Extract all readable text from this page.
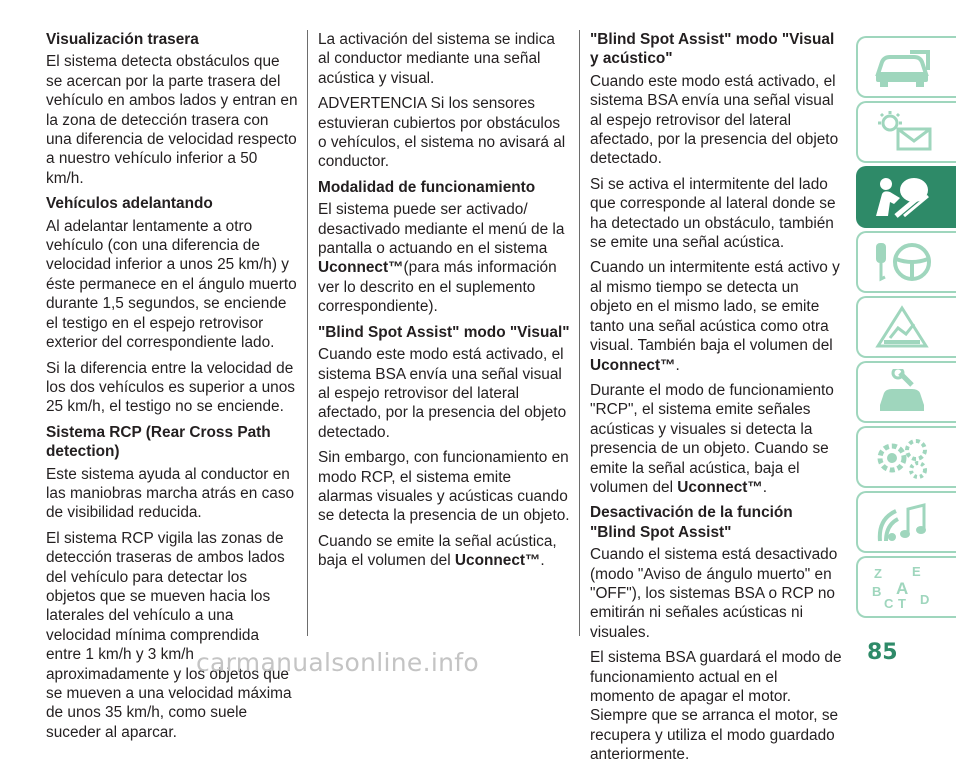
Visualización trasera

El sistema detecta obstáculos que se acercan por la parte trasera del vehículo en ambos lados y entran en la zona de detección trasera con una diferencia de velocidad respecto a nuestro vehículo inferior a 50 km/h.

Vehículos adelantando

Al adelantar lentamente a otro vehículo (con una diferencia de velocidad inferior a unos 25 km/h) y éste permanece en el ángulo muerto durante 1,5 segundos, se enciende el testigo en el espejo retrovisor exterior del correspondiente lado.

Si la diferencia entre la velocidad de los dos vehículos es superior a unos 25 km/h, el testigo no se enciende.

Sistema RCP (Rear Cross Path detection)

Este sistema ayuda al conductor en las maniobras marcha atrás en caso de visibilidad reducida.

El sistema RCP vigila las zonas de detección traseras de ambos lados del vehículo para detectar los objetos que se mueven hacia los laterales del vehículo a una velocidad mínima comprendida entre 1 km/h y 3 km/h aproximadamente y los objetos que se mueven a una velocidad máxima de unos 35 km/h, como suele suceder al aparcar.

La activación del sistema se indica al conductor mediante una señal acústica y visual.

ADVERTENCIA Si los sensores estuvieran cubiertos por obstáculos o vehículos, el sistema no avisará al conductor.

Modalidad de funcionamiento

El sistema puede ser activado/ desactivado mediante el menú de la pantalla o actuando en el sistema Uconnect™(para más información ver lo descrito en el suplemento correspondiente).

"Blind Spot Assist" modo "Visual"

Cuando este modo está activado, el sistema BSA envía una señal visual al espejo retrovisor del lateral afectado, por la presencia del objeto detectado.

Sin embargo, con funcionamiento en modo RCP, el sistema emite alarmas visuales y acústicas cuando se detecta la presencia de un objeto.

Cuando se emite la señal acústica, baja el volumen del Uconnect™.

"Blind Spot Assist" modo "Visual y acústico"

Cuando este modo está activado, el sistema BSA envía una señal visual al espejo retrovisor del lateral afectado, por la presencia del objeto detectado.

Si se activa el intermitente del lado que corresponde al lateral donde se ha detectado un obstáculo, también se emite una señal acústica.

Cuando un intermitente está activo y al mismo tiempo se detecta un objeto en el mismo lado, se emite tanto una señal acústica como otra visual. También baja el volumen del Uconnect™.

Durante el modo de funcionamiento "RCP", el sistema emite señales acústicas y visuales si detecta la presencia de un objeto. Cuando se emite la señal acústica, baja el volumen del Uconnect™.

Desactivación de la función "Blind Spot Assist"

Cuando el sistema está desactivado (modo "Aviso de ángulo muerto" en "OFF"), los sistemas BSA o RCP no emitirán ni señales acústicas ni visuales.

El sistema BSA guardará el modo de funcionamiento actual en el momento de apagar el motor. Siempre que se arranca el motor, se recupera y utiliza el modo guardado anteriormente.

Z E
B A
C T D
85
carmanualsonline.info
